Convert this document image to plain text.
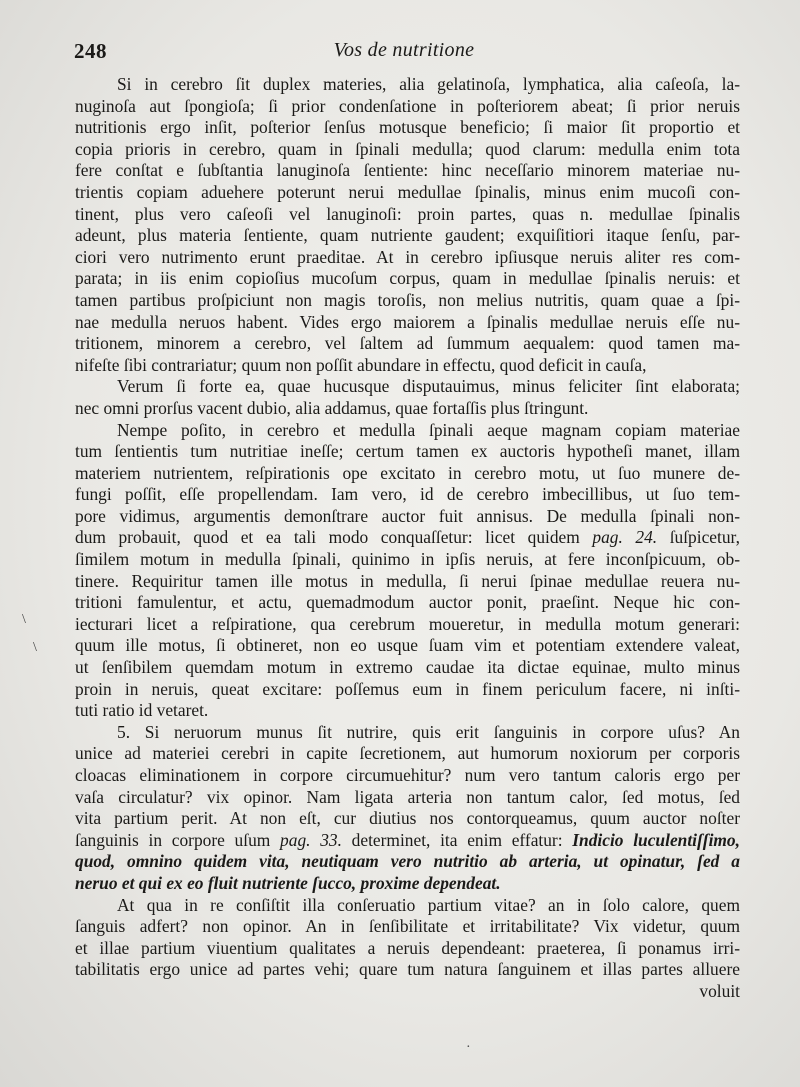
248	Vos de nutritione
Si in cerebro ſit duplex materies, alia gelatinoſa, lymphatica, alia caſeoſa, la-
nuginoſa aut ſpongioſa; ſi prior condenſatione in poſteriorem abeat; ſi prior neruis
nutritionis ergo inſit, poſterior ſenſus motusque beneficio; ſi maior ſit proportio et
copia prioris in cerebro, quam in ſpinali medulla; quod clarum: medulla enim tota
fere conſtat e ſubſtantia lanuginoſa ſentiente: hinc neceſſario minorem materiae nu-
trientis copiam aduehere poterunt nerui medullae ſpinalis, minus enim mucoſi con-
tinent, plus vero caſeoſi vel lanuginoſi: proin partes, quas n. medullae ſpinalis
adeunt, plus materia ſentiente, quam nutriente gaudent; exquiſitiori itaque ſenſu, par-
ciori vero nutrimento erunt praeditae. At in cerebro ipſiusque neruis aliter res com-
parata; in iis enim copioſius mucoſum corpus, quam in medullae ſpinalis neruis: et
tamen partibus proſpiciunt non magis toroſis, non melius nutritis, quam quae a ſpi-
nae medulla neruos habent. Vides ergo maiorem a ſpinalis medullae neruis eſſe nu-
tritionem, minorem a cerebro, vel ſaltem ad ſummum aequalem: quod tamen ma-
nifeſte ſibi contrariatur; quum non poſſit abundare in effectu, quod deficit in cauſa,
Verum ſi forte ea, quae hucusque disputauimus, minus feliciter ſint elaborata;
nec omni prorſus vacent dubio, alia addamus, quae fortaſſis plus ſtringunt.
Nempe poſito, in cerebro et medulla ſpinali aeque magnam copiam materiae
tum ſentientis tum nutritiae ineſſe; certum tamen ex auctoris hypotheſi manet, illam
materiem nutrientem, reſpirationis ope excitato in cerebro motu, ut ſuo munere de-
fungi poſſit, eſſe propellendam. Iam vero, id de cerebro imbecillibus, ut ſuo tem-
pore vidimus, argumentis demonſtrare auctor fuit annisus. De medulla ſpinali non-
dum probauit, quod et ea tali modo conquaſſetur: licet quidem pag. 24. ſuſpicetur,
ſimilem motum in medulla ſpinali, quinimo in ipſis neruis, at fere inconſpicuum, ob-
tinere. Requiritur tamen ille motus in medulla, ſi nerui ſpinae medullae reuera nu-
tritioni famulentur, et actu, quemadmodum auctor ponit, praeſint. Neque hic con-
iecturari licet a reſpiratione, qua cerebrum moueretur, in medulla motum generari:
quum ille motus, ſi obtineret, non eo usque ſuam vim et potentiam extendere valeat,
ut ſenſibilem quemdam motum in extremo caudae ita dictae equinae, multo minus
proin in neruis, queat excitare: poſſemus eum in finem periculum facere, ni inſti-
tuti ratio id vetaret.
5. Si neruorum munus ſit nutrire, quis erit ſanguinis in corpore uſus? An
unice ad materiei cerebri in capite ſecretionem, aut humorum noxiorum per corporis
cloacas eliminationem in corpore circumuehitur? num vero tantum caloris ergo per
vaſa circulatur? vix opinor. Nam ligata arteria non tantum calor, ſed motus, ſed
vita partium perit. At non eſt, cur diutius nos contorqueamus, quum auctor noſter
ſanguinis in corpore uſum pag. 33. determinet, ita enim effatur: Indicio luculentiſſimo,
quod, omnino quidem vita, neutiquam vero nutritio ab arteria, ut opinatur, ſed a
neruo et qui ex eo fluit nutriente ſucco, proxime dependeat.
At qua in re conſiſtit illa conſeruatio partium vitae? an in ſolo calore, quem
ſanguis adfert? non opinor. An in ſenſibilitate et irritabilitate? Vix videtur, quum
et illae partium viuentium qualitates a neruis dependeant: praeterea, ſi ponamus irri-
tabilitatis ergo unice ad partes vehi; quare tum natura ſanguinem et illas partes alluere
voluit
\
\
·
